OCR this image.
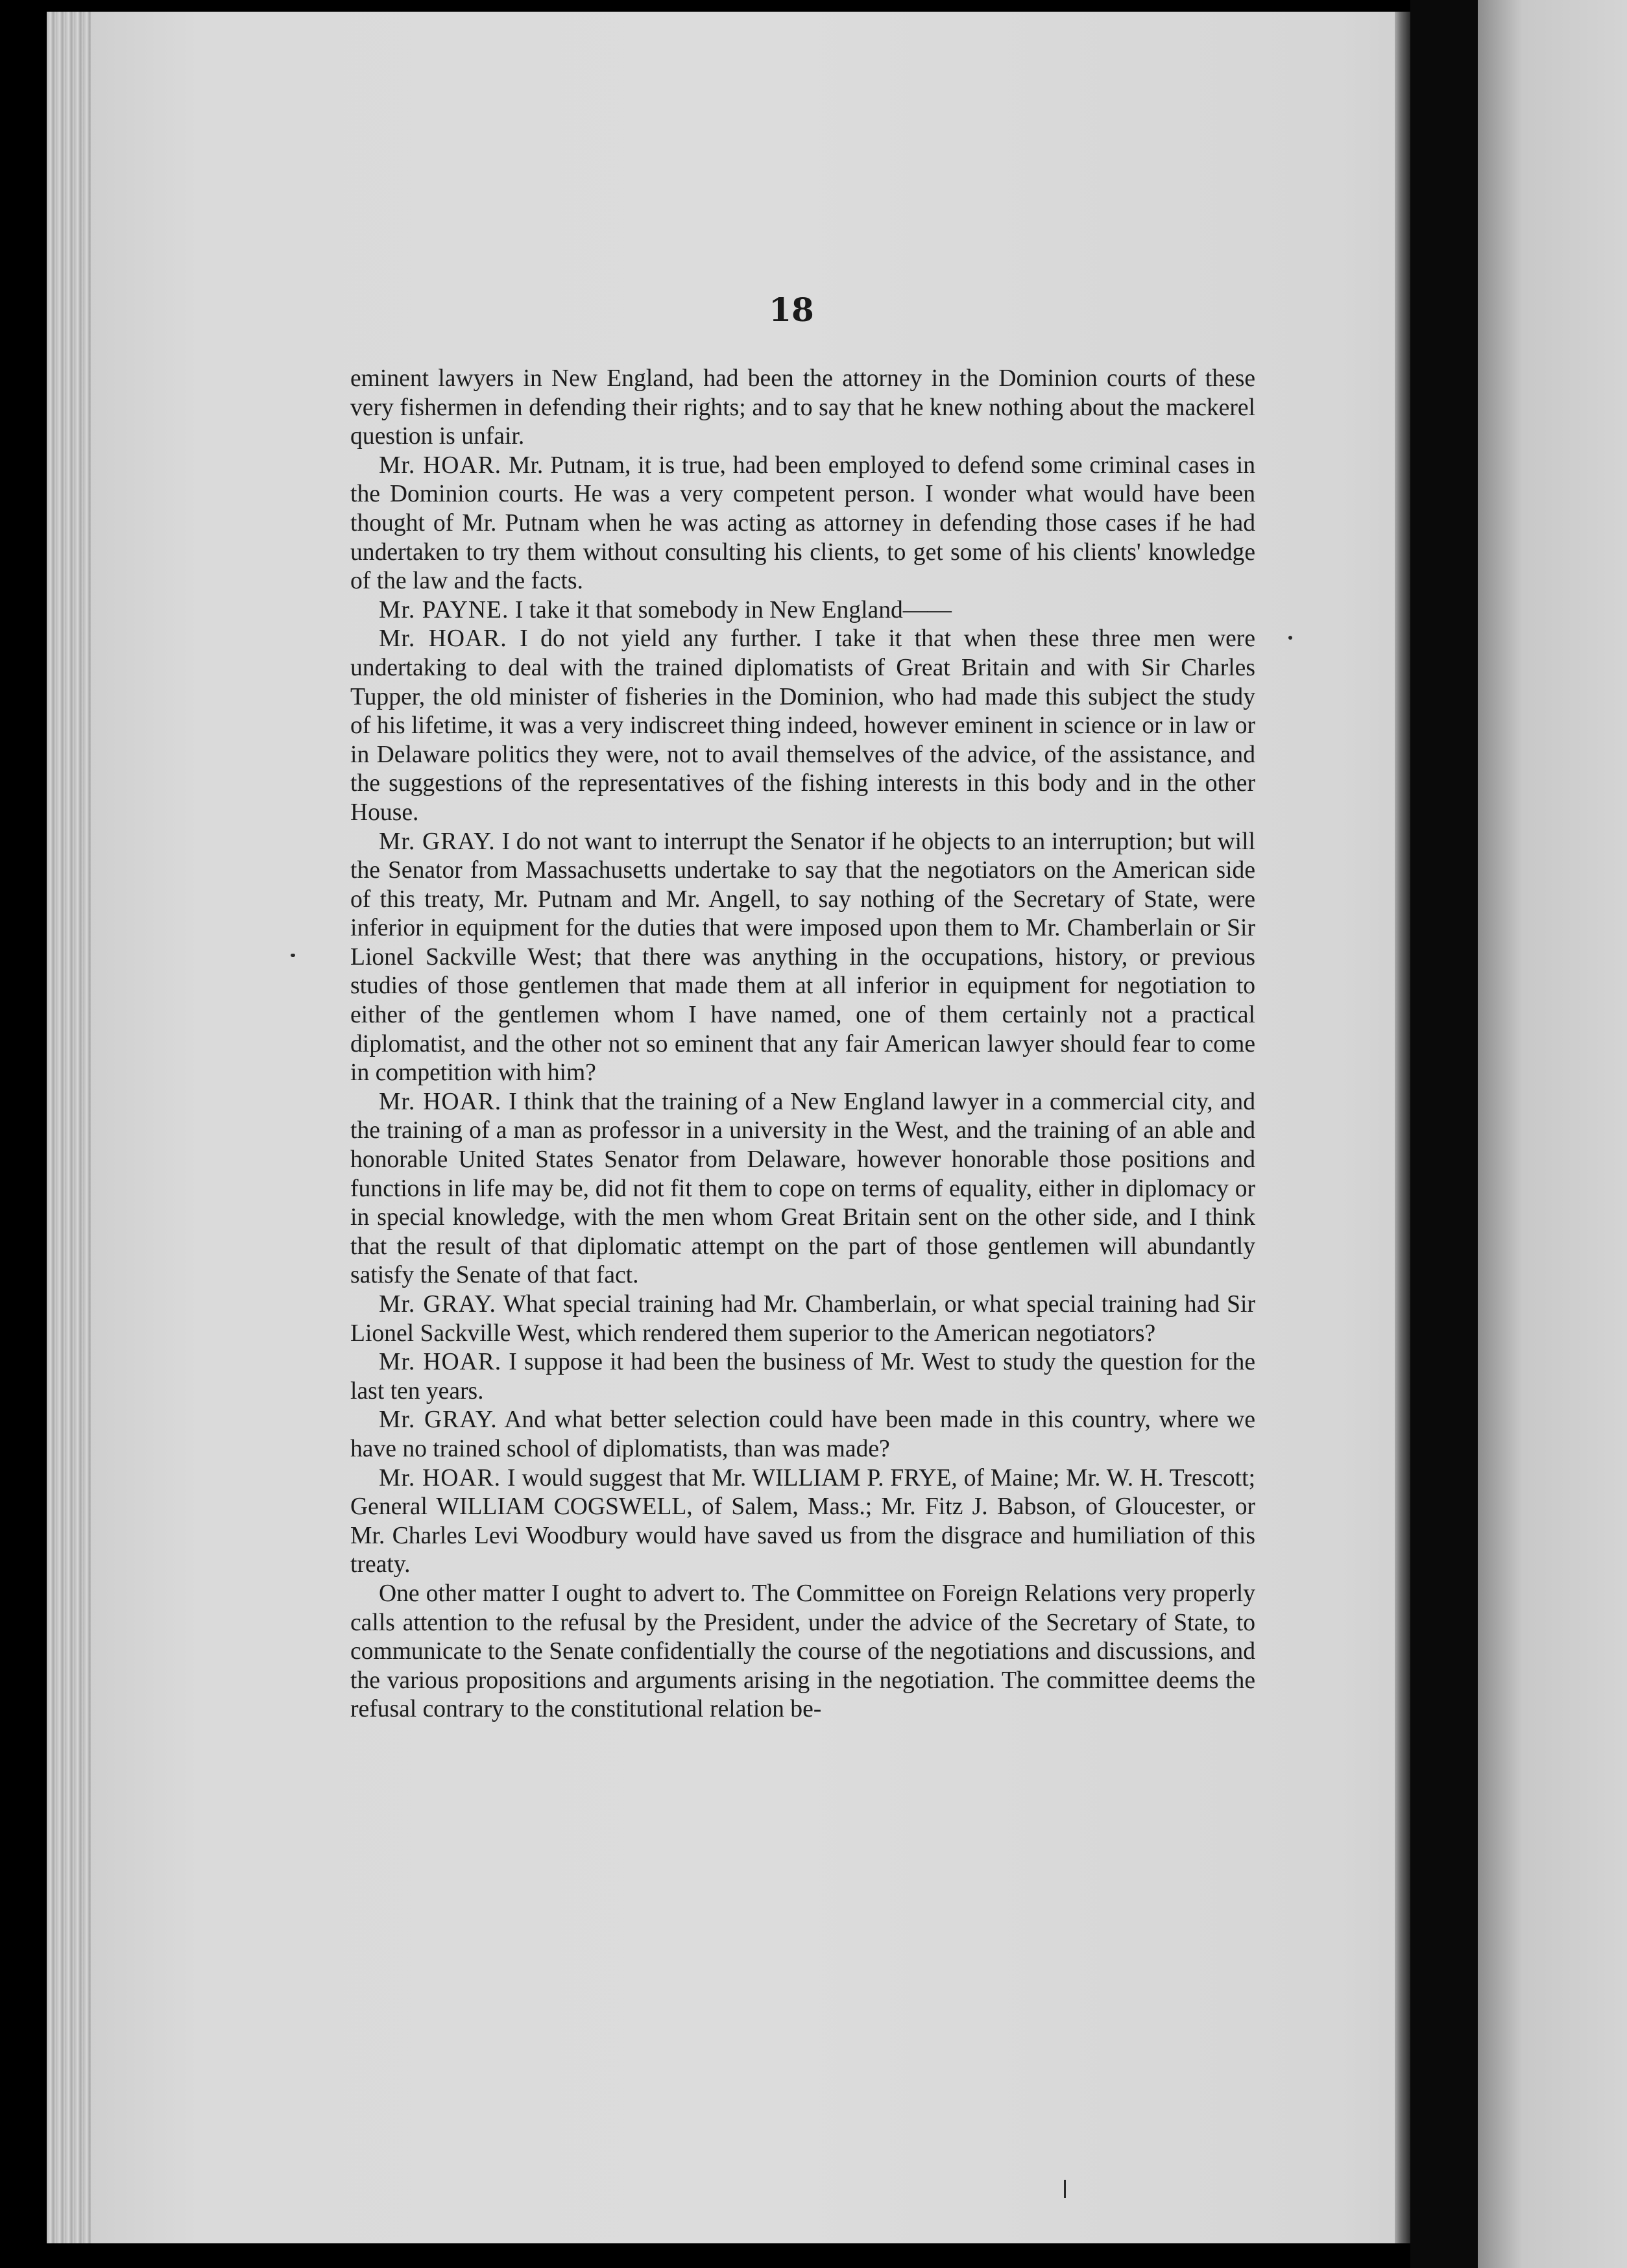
18

eminent lawyers in New England, had been the attorney in the Dominion courts of these very fishermen in defending their rights; and to say that he knew nothing about the mackerel question is unfair.

Mr. HOAR. Mr. Putnam, it is true, had been employed to defend some criminal cases in the Dominion courts. He was a very competent person. I wonder what would have been thought of Mr. Putnam when he was acting as attorney in defending those cases if he had undertaken to try them without consulting his clients, to get some of his clients' knowledge of the law and the facts.

Mr. PAYNE. I take it that somebody in New England——

Mr. HOAR. I do not yield any further. I take it that when these three men were undertaking to deal with the trained diplomatists of Great Britain and with Sir Charles Tupper, the old minister of fisheries in the Dominion, who had made this subject the study of his lifetime, it was a very indiscreet thing indeed, however eminent in science or in law or in Delaware politics they were, not to avail themselves of the advice, of the assistance, and the suggestions of the representatives of the fishing interests in this body and in the other House.

Mr. GRAY. I do not want to interrupt the Senator if he objects to an interruption; but will the Senator from Massachusetts undertake to say that the negotiators on the American side of this treaty, Mr. Putnam and Mr. Angell, to say nothing of the Secretary of State, were inferior in equipment for the duties that were imposed upon them to Mr. Chamberlain or Sir Lionel Sackville West; that there was anything in the occupations, history, or previous studies of those gentlemen that made them at all inferior in equipment for negotiation to either of the gentlemen whom I have named, one of them certainly not a practical diplomatist, and the other not so eminent that any fair American lawyer should fear to come in competition with him?

Mr. HOAR. I think that the training of a New England lawyer in a commercial city, and the training of a man as professor in a university in the West, and the training of an able and honorable United States Senator from Delaware, however honorable those positions and functions in life may be, did not fit them to cope on terms of equality, either in diplomacy or in special knowledge, with the men whom Great Britain sent on the other side, and I think that the result of that diplomatic attempt on the part of those gentlemen will abundantly satisfy the Senate of that fact.

Mr. GRAY. What special training had Mr. Chamberlain, or what special training had Sir Lionel Sackville West, which rendered them superior to the American negotiators?

Mr. HOAR. I suppose it had been the business of Mr. West to study the question for the last ten years.

Mr. GRAY. And what better selection could have been made in this country, where we have no trained school of diplomatists, than was made?

Mr. HOAR. I would suggest that Mr. WILLIAM P. FRYE, of Maine; Mr. W. H. Trescott; General WILLIAM COGSWELL, of Salem, Mass.; Mr. Fitz J. Babson, of Gloucester, or Mr. Charles Levi Woodbury would have saved us from the disgrace and humiliation of this treaty.

One other matter I ought to advert to. The Committee on Foreign Relations very properly calls attention to the refusal by the President, under the advice of the Secretary of State, to communicate to the Senate confidentially the course of the negotiations and discussions, and the various propositions and arguments arising in the negotiation. The committee deems the refusal contrary to the constitutional relation be-
